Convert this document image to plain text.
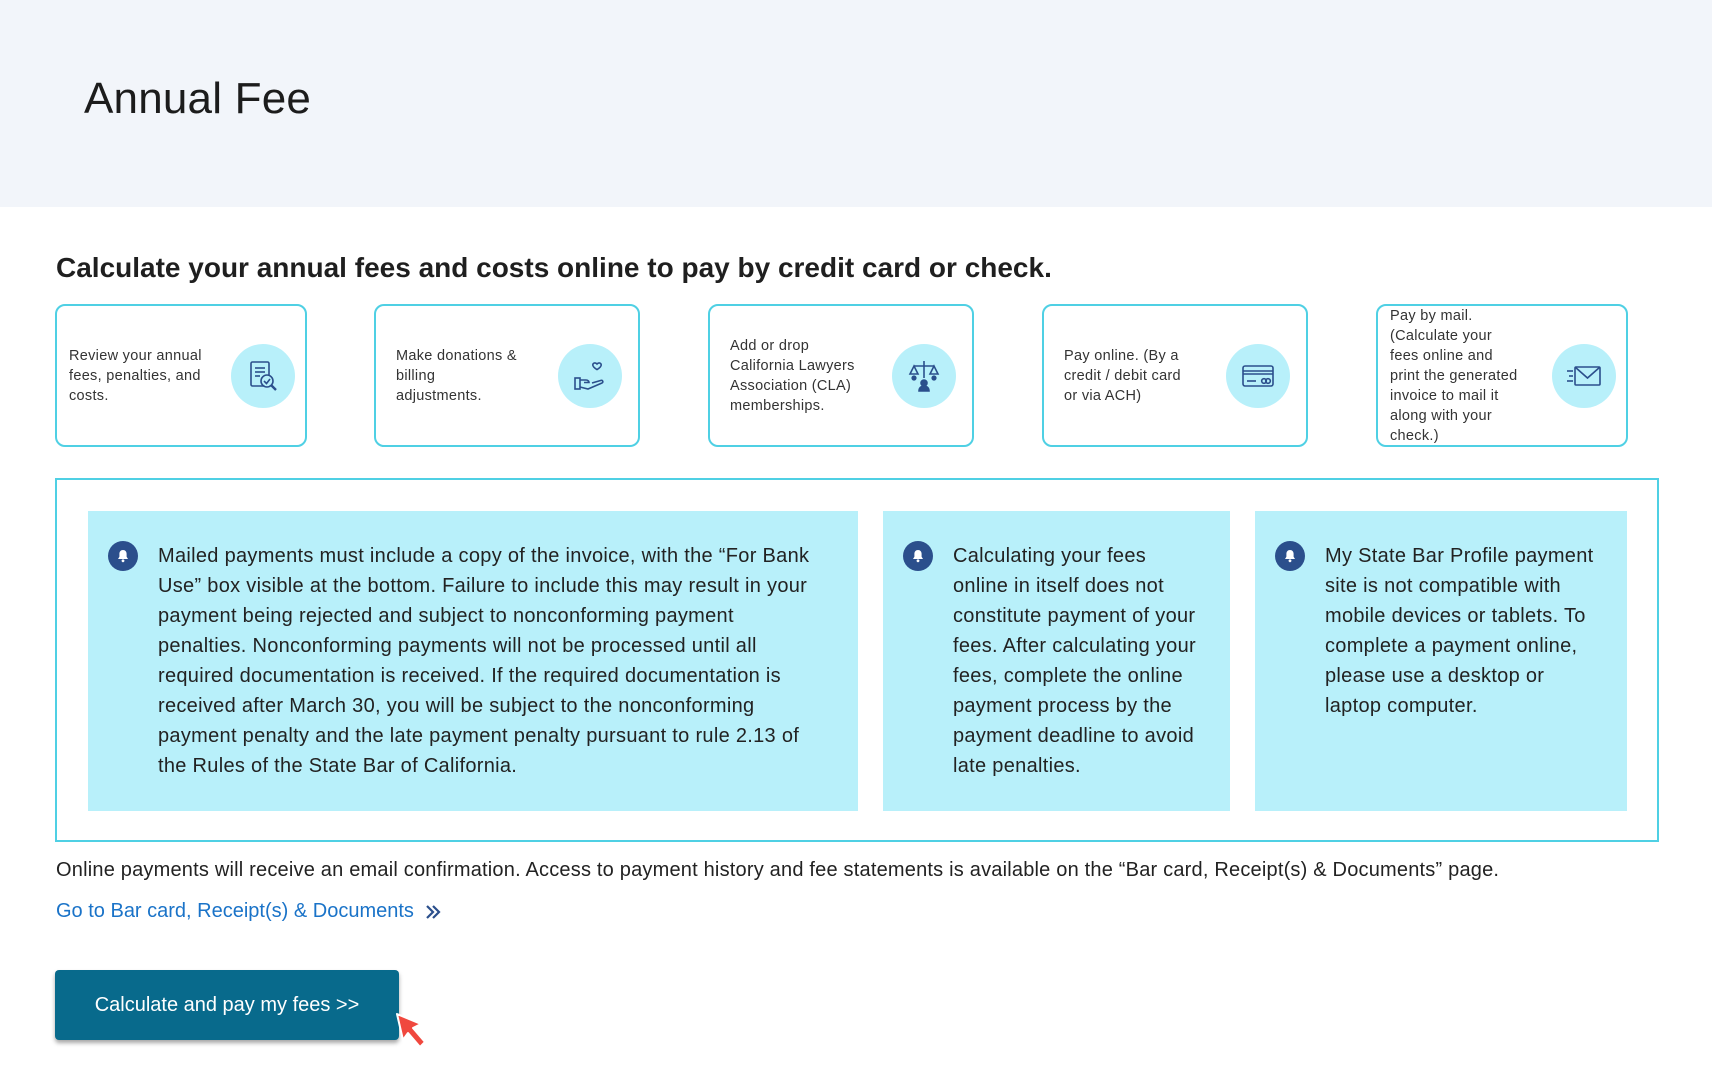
Annual Fee
Calculate your annual fees and costs online to pay by credit card or check.
Review your annual
fees, penalties, and
costs.
Make donations &
billing
adjustments.
Add or drop
California Lawyers
Association (CLA)
memberships.
Pay online. (By a
credit / debit card
or via ACH)
Pay by mail.
(Calculate your
fees online and
print the generated
invoice to mail it
along with your
check.)
Mailed payments must include a copy of the invoice, with the “For Bank
Use” box visible at the bottom. Failure to include this may result in your
payment being rejected and subject to nonconforming payment
penalties. Nonconforming payments will not be processed until all
required documentation is received. If the required documentation is
received after March 30, you will be subject to the nonconforming
payment penalty and the late payment penalty pursuant to rule 2.13 of
the Rules of the State Bar of California.
Calculating your fees
online in itself does not
constitute payment of your
fees. After calculating your
fees, complete the online
payment process by the
payment deadline to avoid
late penalties.
My State Bar Profile payment
site is not compatible with
mobile devices or tablets. To
complete a payment online,
please use a desktop or
laptop computer.

Online payments will receive an email confirmation. Access to payment history and fee statements is available on the “Bar card, Receipt(s) & Documents” page.

Go to Bar card, Receipt(s) & Documents
Calculate and pay my fees >>
